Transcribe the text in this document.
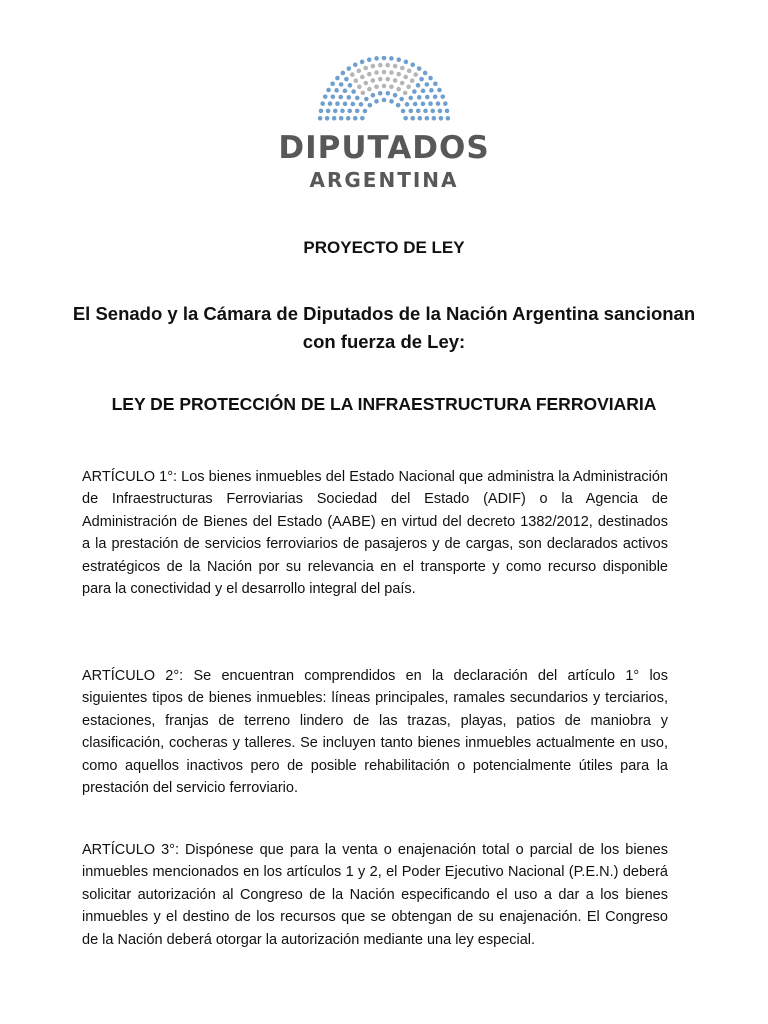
DIPUTADOS
ARGENTINA
PROYECTO DE LEY
El Senado y la Cámara de Diputados de la Nación Argentina sancionan con fuerza de Ley:
LEY DE PROTECCIÓN DE LA INFRAESTRUCTURA FERROVIARIA

ARTÍCULO 1°: Los bienes inmuebles del Estado Nacional que administra la Administración de Infraestructuras Ferroviarias Sociedad del Estado (ADIF) o la Agencia de Administración de Bienes del Estado (AABE) en virtud del decreto 1382/2012, destinados a la prestación de servicios ferroviarios de pasajeros y de cargas, son declarados activos estratégicos de la Nación por su relevancia en el transporte y como recurso disponible para la conectividad y el desarrollo integral del país.

ARTÍCULO 2°: Se encuentran comprendidos en la declaración del artículo 1° los siguientes tipos de bienes inmuebles: líneas principales, ramales secundarios y terciarios, estaciones, franjas de terreno lindero de las trazas, playas, patios de maniobra y clasificación, cocheras y talleres. Se incluyen tanto bienes inmuebles actualmente en uso, como aquellos inactivos pero de posible rehabilitación o potencialmente útiles para la prestación del servicio ferroviario.

ARTÍCULO 3°: Dispónese que para la venta o enajenación total o parcial de los bienes inmuebles mencionados en los artículos 1 y 2, el Poder Ejecutivo Nacional (P.E.N.) deberá solicitar autorización al Congreso de la Nación especificando el uso a dar a los bienes inmuebles y el destino de los recursos que se obtengan de su enajenación. El Congreso de la Nación deberá otorgar la autorización mediante una ley especial.
